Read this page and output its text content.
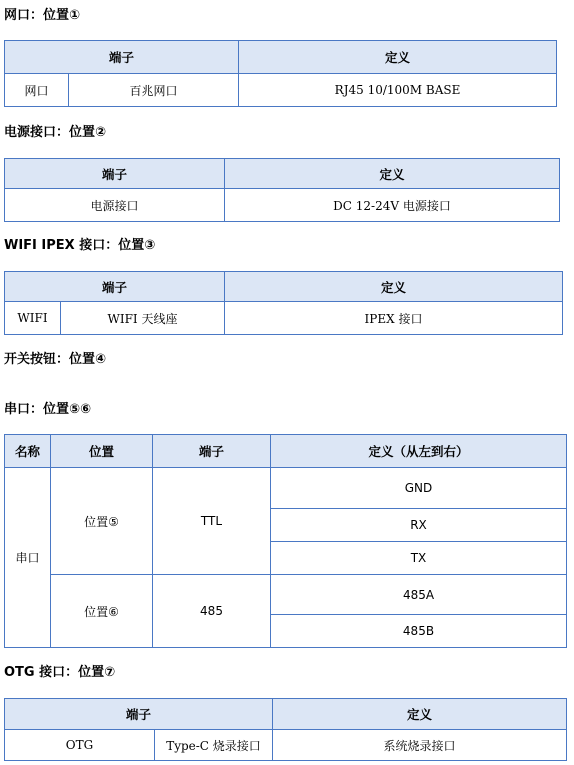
网口：位置①
端子		定义
网口	百兆网口	RJ45 10/100M BASE
电源接口：位置②
端子	定义
电源接口	DC 12-24V 电源接口
WIFI IPEX 接口：位置③
端子		定义
WIFI	WIFI 天线座	IPEX 接口
开关按钮：位置④
串口：位置⑤⑥
名称	位置	端子	定义（从左到右）
串口	位置⑤	TTL	GND
			RX
			TX
	位置⑥	485	485A
			485B
OTG 接口：位置⑦
端子		定义
OTG	Type-C 烧录接口	系统烧录接口
